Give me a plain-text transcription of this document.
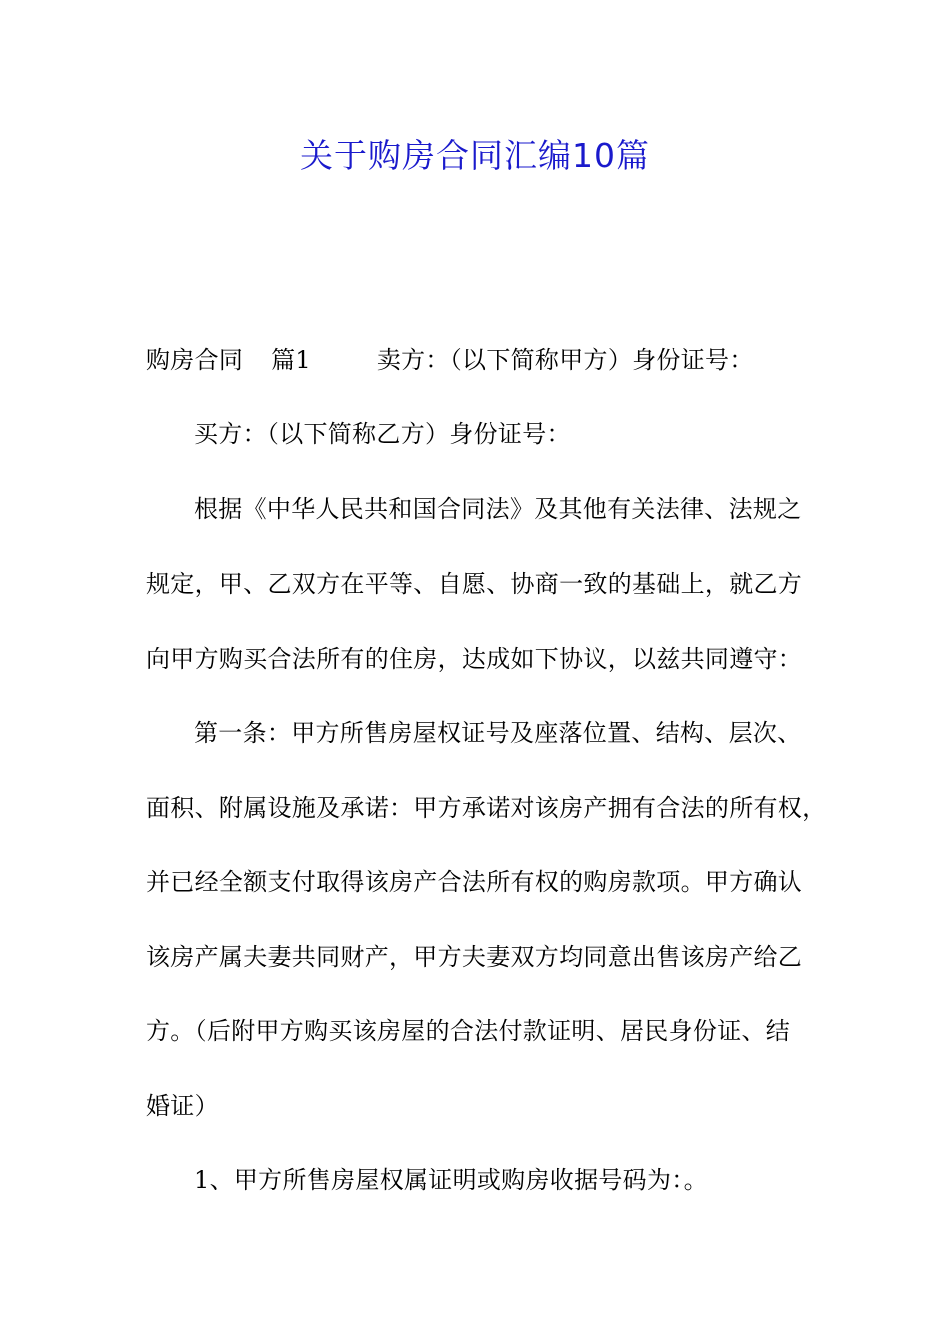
关于购房合同汇编10篇
购房合同 篇1	卖方：（以下简称甲方）身份证号：
买方：（以下简称乙方）身份证号：
根据《中华人民共和国合同法》及其他有关法律、法规之
规定，甲、乙双方在平等、自愿、协商一致的基础上，就乙方
向甲方购买合法所有的住房，达成如下协议，以兹共同遵守：
第一条：甲方所售房屋权证号及座落位置、结构、层次、
面积、附属设施及承诺：甲方承诺对该房产拥有合法的所有权，
并已经全额支付取得该房产合法所有权的购房款项。甲方确认
该房产属夫妻共同财产，甲方夫妻双方均同意出售该房产给乙
方。（后附甲方购买该房屋的合法付款证明、居民身份证、结
婚证）
1、甲方所售房屋权属证明或购房收据号码为：。
